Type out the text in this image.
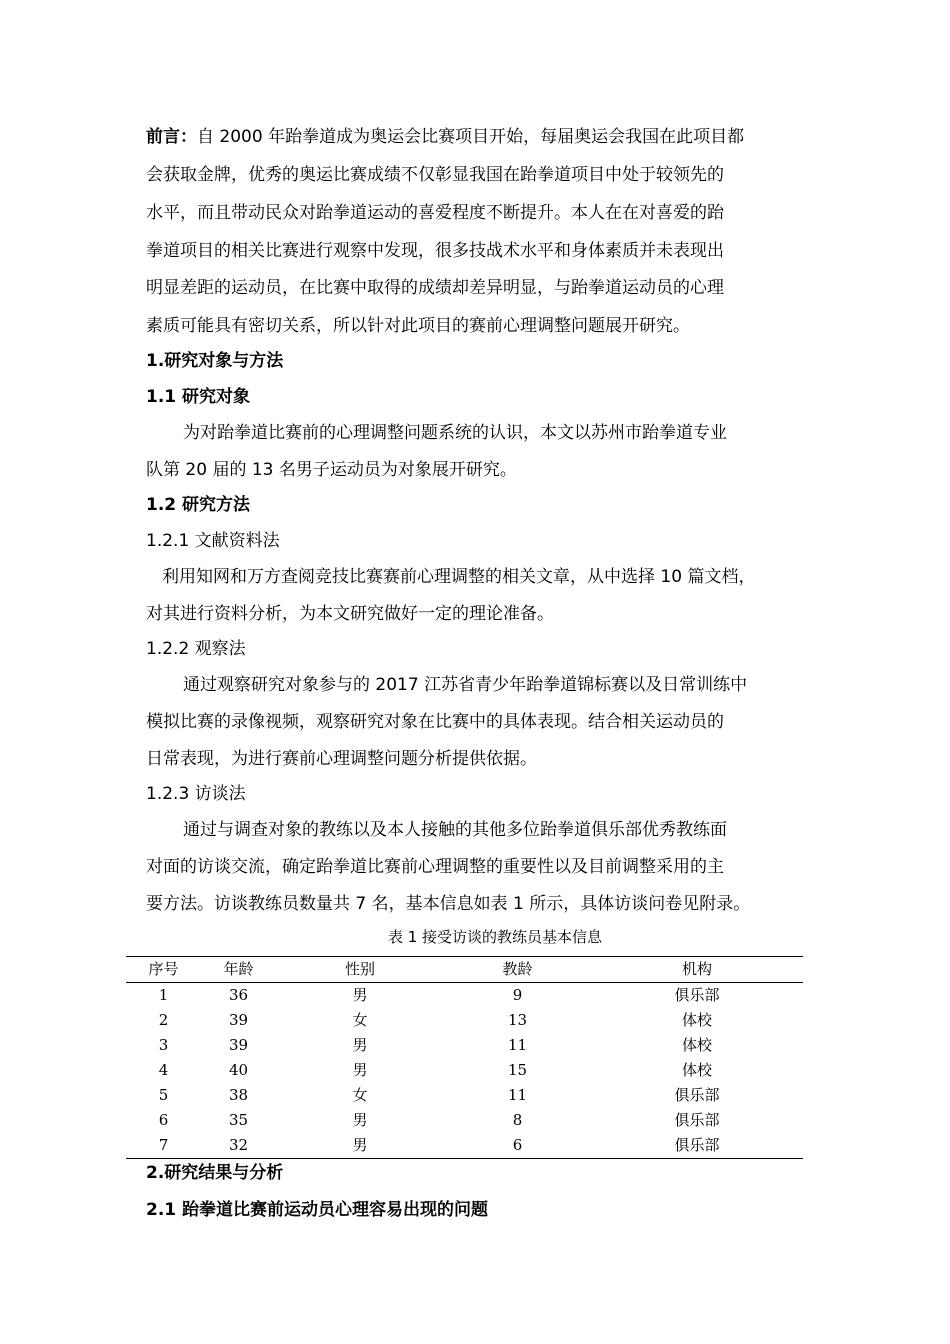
前言：自 2000 年跆拳道成为奥运会比赛项目开始，每届奥运会我国在此项目都

会获取金牌，优秀的奥运比赛成绩不仅彰显我国在跆拳道项目中处于较领先的

水平，而且带动民众对跆拳道运动的喜爱程度不断提升。本人在在对喜爱的跆

拳道项目的相关比赛进行观察中发现，很多技战术水平和身体素质并未表现出

明显差距的运动员，在比赛中取得的成绩却差异明显，与跆拳道运动员的心理

素质可能具有密切关系，所以针对此项目的赛前心理调整问题展开研究。

1.研究对象与方法

1.1 研究对象

为对跆拳道比赛前的心理调整问题系统的认识，本文以苏州市跆拳道专业

队第 20 届的 13 名男子运动员为对象展开研究。

1.2 研究方法

1.2.1 文献资料法

利用知网和万方查阅竞技比赛赛前心理调整的相关文章，从中选择 10 篇文档，

对其进行资料分析，为本文研究做好一定的理论准备。

1.2.2 观察法

通过观察研究对象参与的 2017 江苏省青少年跆拳道锦标赛以及日常训练中

模拟比赛的录像视频，观察研究对象在比赛中的具体表现。结合相关运动员的

日常表现，为进行赛前心理调整问题分析提供依据。

1.2.3 访谈法

通过与调查对象的教练以及本人接触的其他多位跆拳道俱乐部优秀教练面

对面的访谈交流，确定跆拳道比赛前心理调整的重要性以及目前调整采用的主

要方法。访谈教练员数量共 7 名，基本信息如表 1 所示，具体访谈问卷见附录。

表 1 接受访谈的教练员基本信息
序号	年龄	性别	教龄	机构
1	36	男	9	俱乐部
2	39	女	13	体校
3	39	男	11	体校
4	40	男	15	体校
5	38	女	11	俱乐部
6	35	男	8	俱乐部
7	32	男	6	俱乐部

2.研究结果与分析

2.1 跆拳道比赛前运动员心理容易出现的问题
